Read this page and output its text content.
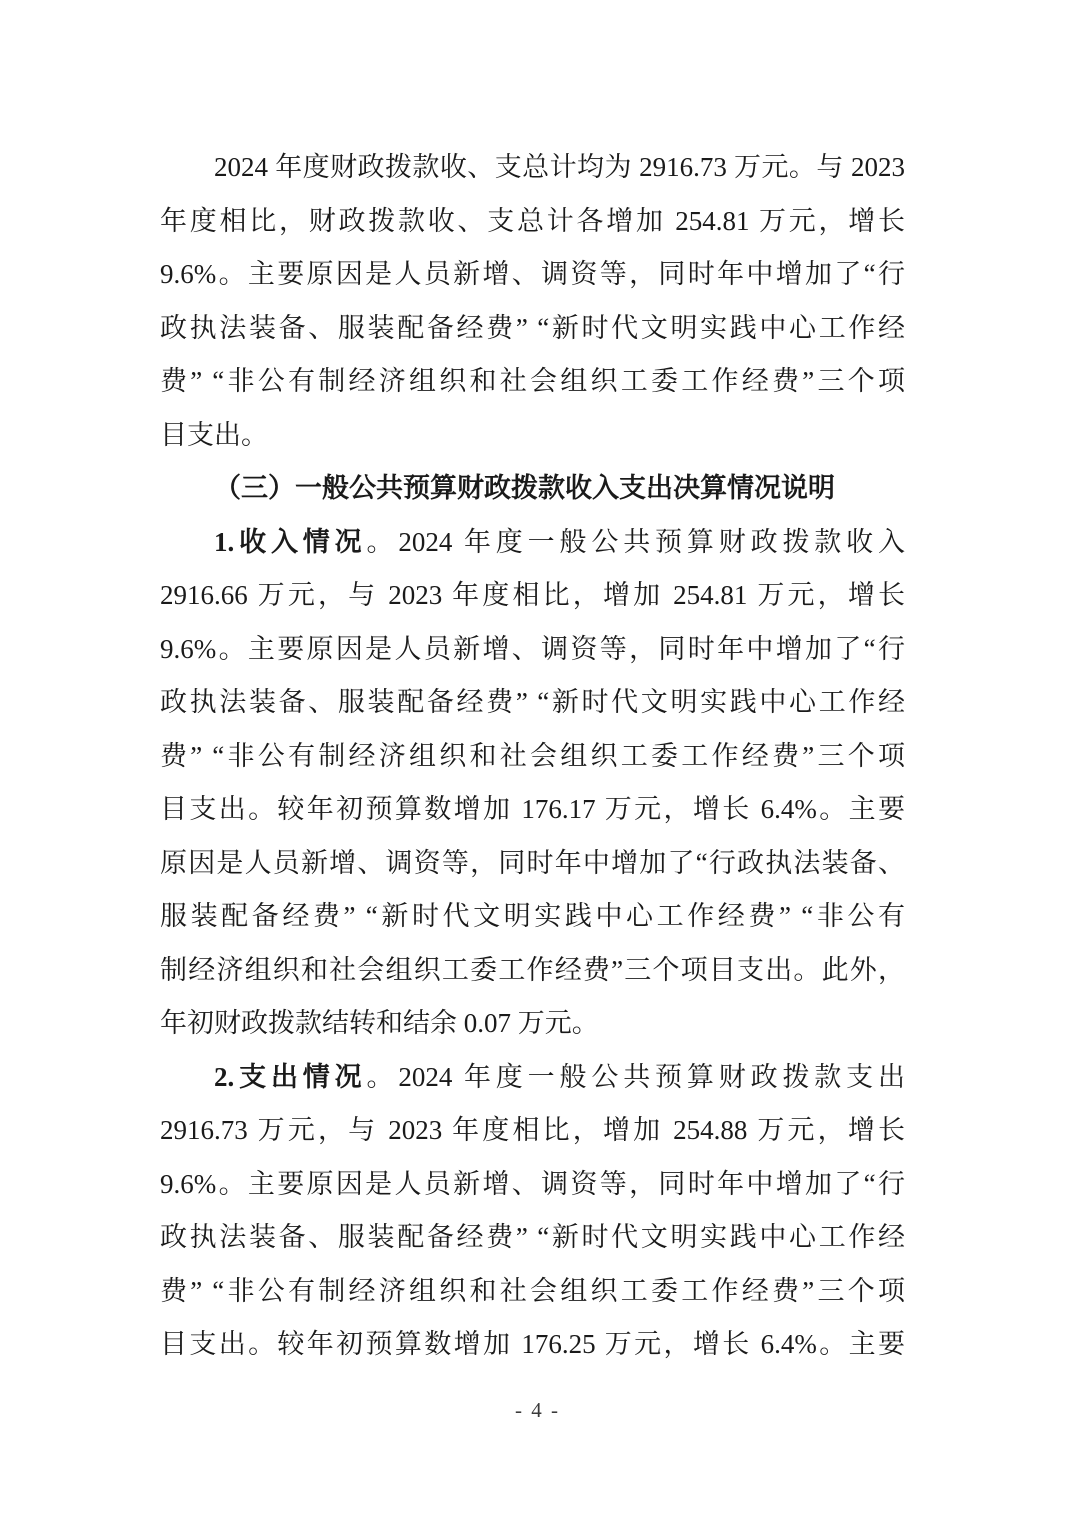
2024 年度财政拨款收、支总计均为 2916.73 万元。与 2023
年度相比，财政拨款收、支总计各增加 254.81 万元，增长
9.6%。主要原因是人员新增、调资等，同时年中增加了“行
政执法装备、服装配备经费” “新时代文明实践中心工作经
费” “非公有制经济组织和社会组织工委工作经费”三个项
目支出。
（三）一般公共预算财政拨款收入支出决算情况说明
1.收入情况。2024 年度一般公共预算财政拨款收入
2916.66 万元，与 2023 年度相比，增加 254.81 万元，增长
9.6%。主要原因是人员新增、调资等，同时年中增加了“行
政执法装备、服装配备经费” “新时代文明实践中心工作经
费” “非公有制经济组织和社会组织工委工作经费”三个项
目支出。较年初预算数增加 176.17 万元，增长 6.4%。主要
原因是人员新增、调资等，同时年中增加了“行政执法装备、
服装配备经费” “新时代文明实践中心工作经费” “非公有
制经济组织和社会组织工委工作经费”三个项目支出。此外，
年初财政拨款结转和结余 0.07 万元。
2.支出情况。2024 年度一般公共预算财政拨款支出
2916.73 万元，与 2023 年度相比，增加 254.88 万元，增长
9.6%。主要原因是人员新增、调资等，同时年中增加了“行
政执法装备、服装配备经费” “新时代文明实践中心工作经
费” “非公有制经济组织和社会组织工委工作经费”三个项
目支出。较年初预算数增加 176.25 万元，增长 6.4%。主要
- 4 -
